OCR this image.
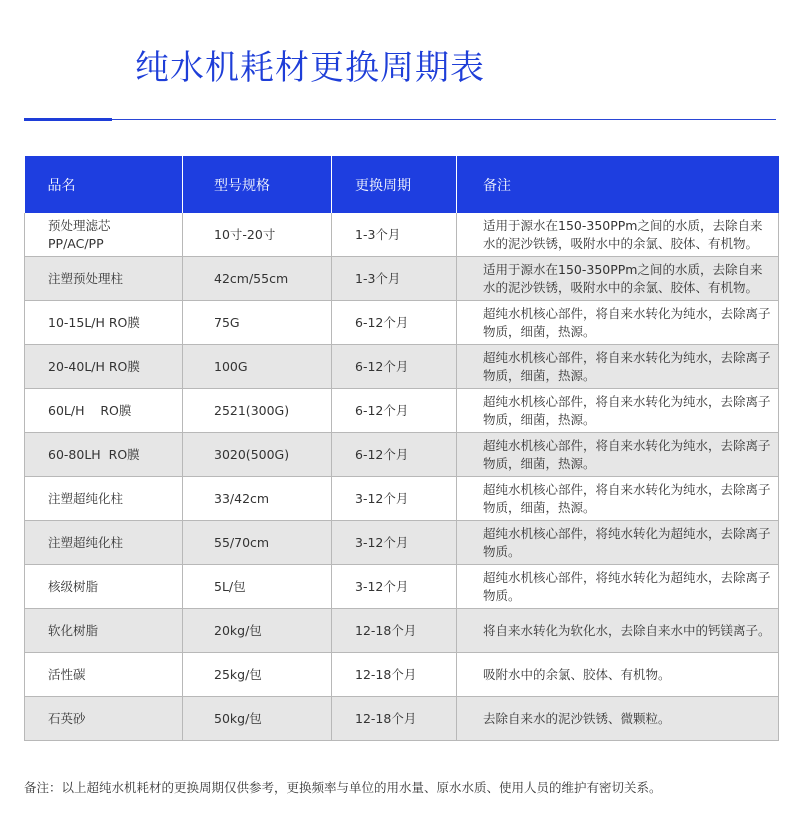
纯水机耗材更换周期表
品名	型号规格	更换周期	备注
预处理滤芯
PP/AC/PP	10寸-20寸	1-3个月	适用于源水在150-350PPm之间的水质，去除自来水的泥沙铁锈，吸附水中的余氯、胶体、有机物。
注塑预处理柱	42cm/55cm	1-3个月	适用于源水在150-350PPm之间的水质，去除自来水的泥沙铁锈，吸附水中的余氯、胶体、有机物。
10-15L/H RO膜	75G	6-12个月	超纯水机核心部件，将自来水转化为纯水，去除离子物质，细菌，热源。
20-40L/H RO膜	100G	6-12个月	超纯水机核心部件，将自来水转化为纯水，去除离子物质，细菌，热源。
60L/H    RO膜	2521(300G)	6-12个月	超纯水机核心部件，将自来水转化为纯水，去除离子物质，细菌，热源。
60-80LH  RO膜	3020(500G)	6-12个月	超纯水机核心部件，将自来水转化为纯水，去除离子物质，细菌，热源。
注塑超纯化柱	33/42cm	3-12个月	超纯水机核心部件，将自来水转化为纯水，去除离子物质，细菌，热源。
注塑超纯化柱	55/70cm	3-12个月	超纯水机核心部件，将纯水转化为超纯水，去除离子物质。
核级树脂	5L/包	3-12个月	超纯水机核心部件，将纯水转化为超纯水，去除离子物质。
软化树脂	20kg/包	12-18个月	将自来水转化为软化水，去除自来水中的钙镁离子。
活性碳	25kg/包	12-18个月	吸附水中的余氯、胶体、有机物。
石英砂	50kg/包	12-18个月	去除自来水的泥沙铁锈、微颗粒。
备注：以上超纯水机耗材的更换周期仅供参考，更换频率与单位的用水量、原水水质、使用人员的维护有密切关系。
